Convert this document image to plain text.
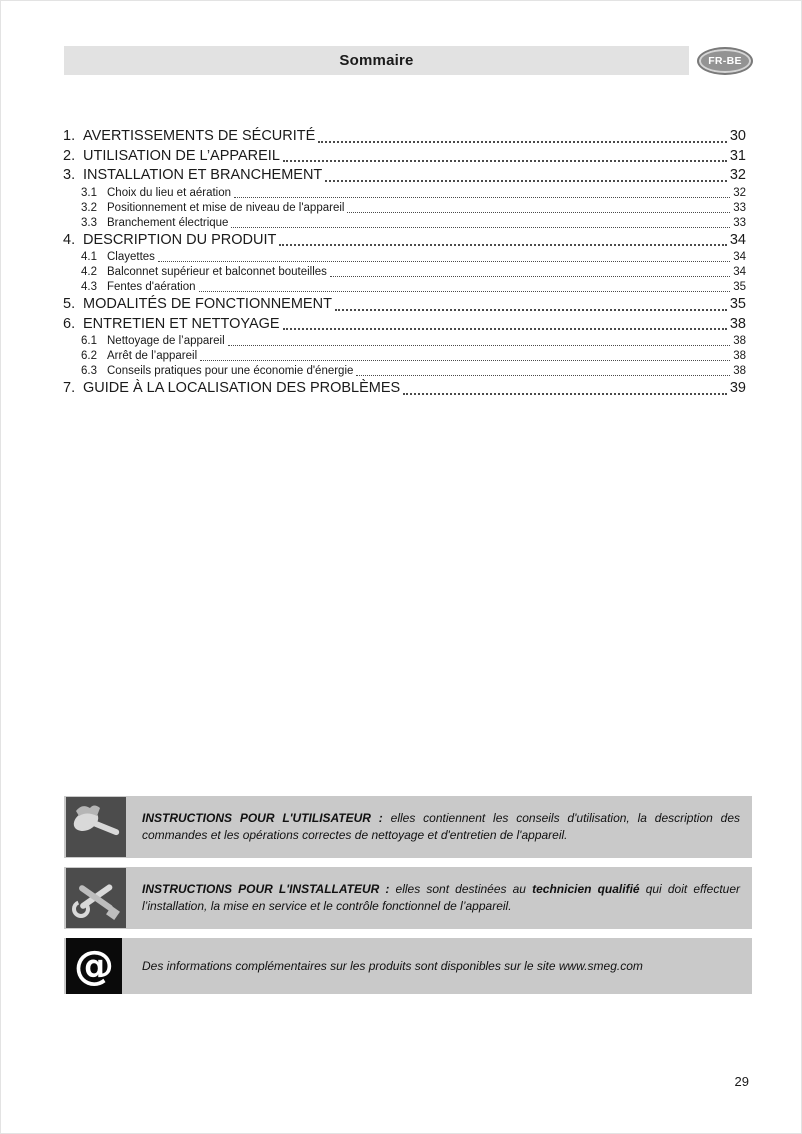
Sommaire	FR-BE
1. AVERTISSEMENTS DE SÉCURITÉ	30
2. UTILISATION DE L’APPAREIL	31
3. INSTALLATION ET BRANCHEMENT	32
3.1 Choix du lieu et aération	32
3.2 Positionnement et mise de niveau de l'appareil	33
3.3 Branchement électrique	33
4. DESCRIPTION DU PRODUIT	34
4.1 Clayettes	34
4.2 Balconnet supérieur et balconnet bouteilles	34
4.3 Fentes d'aération	35
5. MODALITÉS DE FONCTIONNEMENT	35
6. ENTRETIEN ET NETTOYAGE	38
6.1 Nettoyage de l’appareil	38
6.2 Arrêt de l’appareil	38
6.3 Conseils pratiques pour une économie d'énergie	38
7. GUIDE À LA LOCALISATION DES PROBLÈMES	39
INSTRUCTIONS POUR L'UTILISATEUR : elles contiennent les conseils d'utilisation, la description des commandes et les opérations correctes de nettoyage et d'entretien de l'appareil.
INSTRUCTIONS POUR L'INSTALLATEUR : elles sont destinées au technicien qualifié qui doit effectuer l’installation, la mise en service et le contrôle fonctionnel de l’appareil.
@ Des informations complémentaires sur les produits sont disponibles sur le site www.smeg.com
29
